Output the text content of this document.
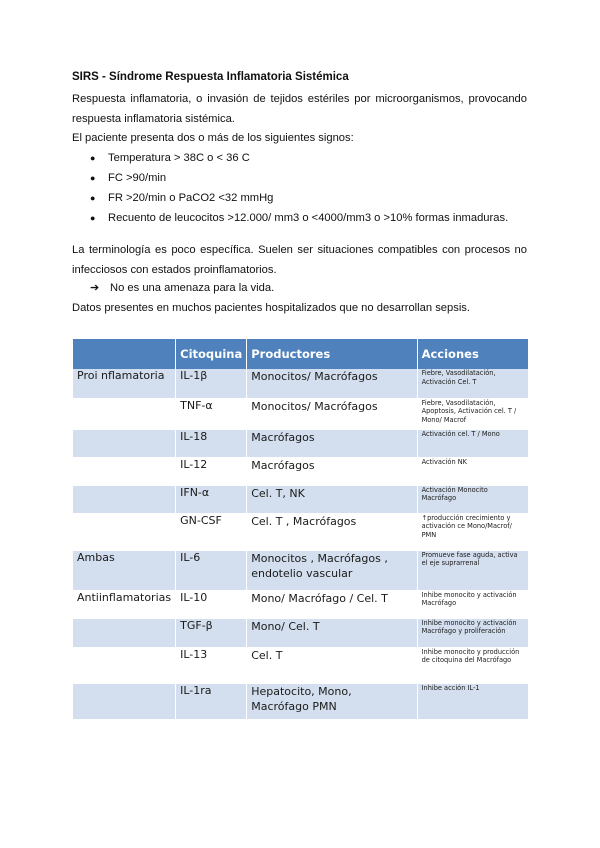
SIRS - Síndrome Respuesta Inflamatoria Sistémica
Respuesta inflamatoria, o invasión de tejidos estériles por microorganismos, provocando respuesta inflamatoria sistémica.
El paciente presenta dos o más de los siguientes signos:
● Temperatura > 38C o < 36 C
● FC >90/min
● FR >20/min o PaCO2 <32 mmHg
● Recuento de leucocitos >12.000/ mm3 o <4000/mm3 o >10% formas inmaduras.
La terminología es poco específica. Suelen ser situaciones compatibles con procesos no infecciosos con estados proinflamatorios.
➔ No es una amenaza para la vida.
Datos presentes en muchos pacientes hospitalizados que no desarrollan sepsis.
	Citoquina	Productores	Acciones
Proi nflamatoria	IL-1β	Monocitos/ Macrófagos	Fiebre, Vasodilatación, Activación Cel. T
	TNF-α	Monocitos/ Macrófagos	Fiebre, Vasodilatación, Apoptosis, Activación cel. T / Mono/ Macrof
	IL-18	Macrófagos	Activación cel. T / Mono
	IL-12	Macrófagos	Activación NK
	IFN-α	Cel. T, NK	Activación Monocito Macrófago
	GN-CSF	Cel. T , Macrófagos	↑producción crecimiento y activación ce Mono/Macrof/ PMN
Ambas	IL-6	Monocitos , Macrófagos , endotelio vascular	Promueve fase aguda, activa el eje suprarrenal
Antiinflamatorias	IL-10	Mono/ Macrófago / Cel. T	Inhibe monocito y activación Macrófago
	TGF-β	Mono/ Cel. T	Inhibe monocito y activación Macrófago y proliferación
	IL-13	Cel. T	Inhibe monocito y producción de citoquina del Macrófago
	IL-1ra	Hepatocito, Mono, Macrófago PMN	Inhibe acción IL-1
